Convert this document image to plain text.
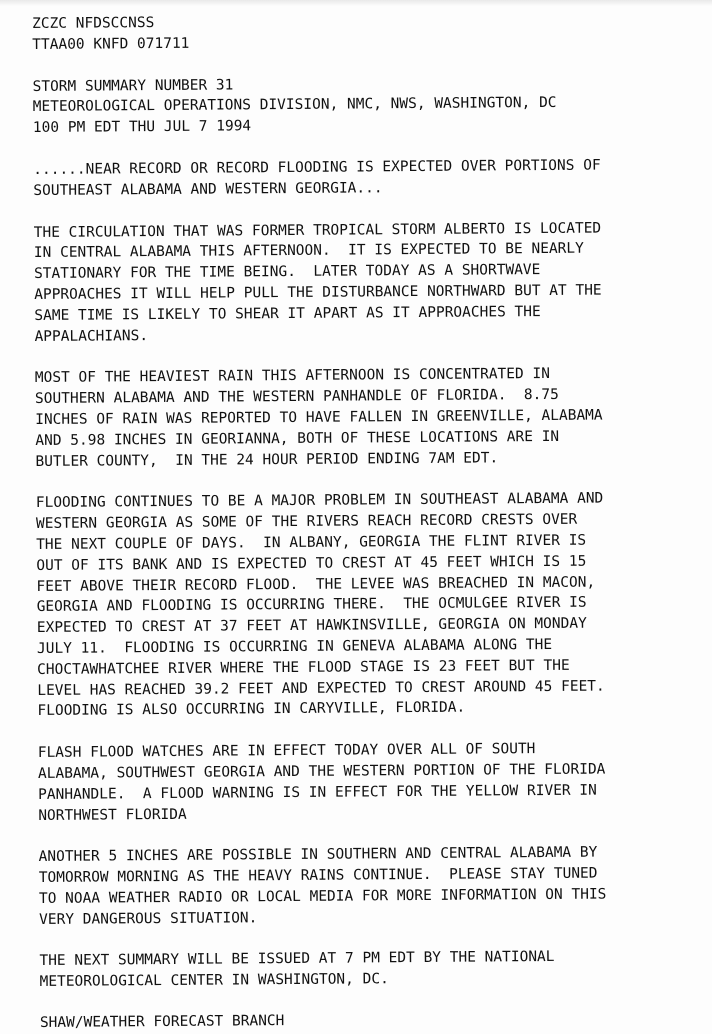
ZCZC NFDSCCNSS
TTAA00 KNFD 071711
STORM SUMMARY NUMBER 31
METEOROLOGICAL OPERATIONS DIVISION, NMC, NWS, WASHINGTON, DC
100 PM EDT THU JUL 7 1994
......NEAR RECORD OR RECORD FLOODING IS EXPECTED OVER PORTIONS OF
SOUTHEAST ALABAMA AND WESTERN GEORGIA...
THE CIRCULATION THAT WAS FORMER TROPICAL STORM ALBERTO IS LOCATED
IN CENTRAL ALABAMA THIS AFTERNOON.  IT IS EXPECTED TO BE NEARLY
STATIONARY FOR THE TIME BEING.  LATER TODAY AS A SHORTWAVE
APPROACHES IT WILL HELP PULL THE DISTURBANCE NORTHWARD BUT AT THE
SAME TIME IS LIKELY TO SHEAR IT APART AS IT APPROACHES THE
APPALACHIANS.
MOST OF THE HEAVIEST RAIN THIS AFTERNOON IS CONCENTRATED IN
SOUTHERN ALABAMA AND THE WESTERN PANHANDLE OF FLORIDA.  8.75
INCHES OF RAIN WAS REPORTED TO HAVE FALLEN IN GREENVILLE, ALABAMA
AND 5.98 INCHES IN GEORIANNA, BOTH OF THESE LOCATIONS ARE IN
BUTLER COUNTY,  IN THE 24 HOUR PERIOD ENDING 7AM EDT.
FLOODING CONTINUES TO BE A MAJOR PROBLEM IN SOUTHEAST ALABAMA AND
WESTERN GEORGIA AS SOME OF THE RIVERS REACH RECORD CRESTS OVER
THE NEXT COUPLE OF DAYS.  IN ALBANY, GEORGIA THE FLINT RIVER IS
OUT OF ITS BANK AND IS EXPECTED TO CREST AT 45 FEET WHICH IS 15
FEET ABOVE THEIR RECORD FLOOD.  THE LEVEE WAS BREACHED IN MACON,
GEORGIA AND FLOODING IS OCCURRING THERE.  THE OCMULGEE RIVER IS
EXPECTED TO CREST AT 37 FEET AT HAWKINSVILLE, GEORGIA ON MONDAY
JULY 11.  FLOODING IS OCCURRING IN GENEVA ALABAMA ALONG THE
CHOCTAWHATCHEE RIVER WHERE THE FLOOD STAGE IS 23 FEET BUT THE
LEVEL HAS REACHED 39.2 FEET AND EXPECTED TO CREST AROUND 45 FEET.
FLOODING IS ALSO OCCURRING IN CARYVILLE, FLORIDA.
FLASH FLOOD WATCHES ARE IN EFFECT TODAY OVER ALL OF SOUTH
ALABAMA, SOUTHWEST GEORGIA AND THE WESTERN PORTION OF THE FLORIDA
PANHANDLE.  A FLOOD WARNING IS IN EFFECT FOR THE YELLOW RIVER IN
NORTHWEST FLORIDA
ANOTHER 5 INCHES ARE POSSIBLE IN SOUTHERN AND CENTRAL ALABAMA BY
TOMORROW MORNING AS THE HEAVY RAINS CONTINUE.  PLEASE STAY TUNED
TO NOAA WEATHER RADIO OR LOCAL MEDIA FOR MORE INFORMATION ON THIS
VERY DANGEROUS SITUATION.
THE NEXT SUMMARY WILL BE ISSUED AT 7 PM EDT BY THE NATIONAL
METEOROLOGICAL CENTER IN WASHINGTON, DC.
SHAW/WEATHER FORECAST BRANCH
